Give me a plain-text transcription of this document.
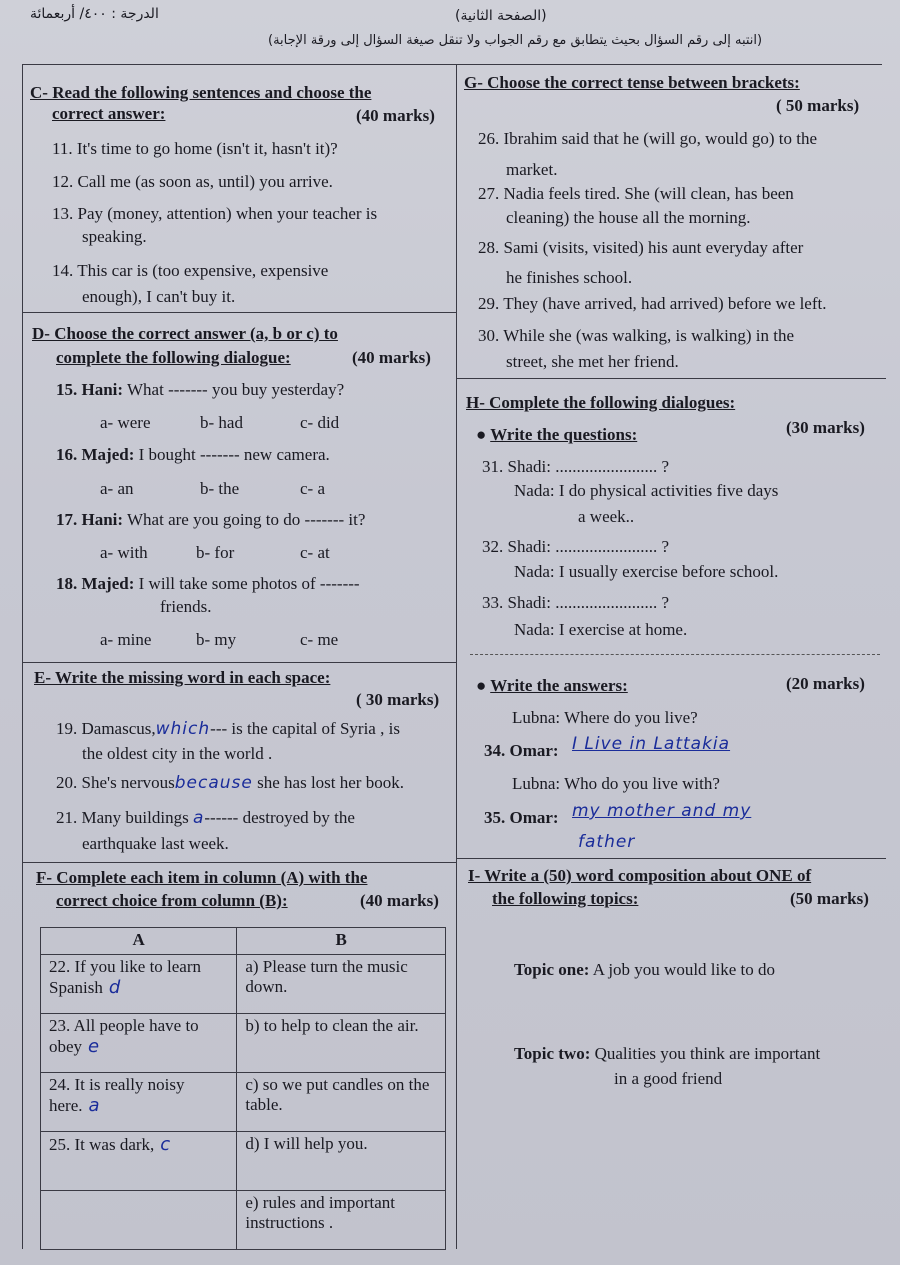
الدرجة : ٤٠٠/ أربعمائة	(الصفحة الثانية)
(انتبه إلى رقم السؤال بحيث يتطابق مع رقم الجواب ولا تنقل صيغة السؤال إلى ورقة الإجابة)
C- Read the following sentences and choose the
correct answer:	(40 marks)
11. It's time to go home (isn't it, hasn't it)?
12. Call me (as soon as, until) you arrive.
13. Pay (money, attention) when your teacher is
speaking.
14. This car is (too expensive, expensive
enough), I can't buy it.
D- Choose the correct answer (a, b or c) to
complete the following dialogue:	(40 marks)
15. Hani: What ------- you buy yesterday?
a- were	b- had	c- did
16. Majed: I bought ------- new camera.
a- an	b- the	c- a
17. Hani: What are you going to do ------- it?
a- with	b- for	c- at
18. Majed: I will take some photos of -------
friends.
a- mine	b- my	c- me
E- Write the missing word in each space:
( 30 marks)
19. Damascus,which--- is the capital of Syria , is
the oldest city in the world .
20. She's nervousbecause she has lost her book.
21. Many buildings a------ destroyed by the
earthquake last week.
F- Complete each item in column (A) with the
correct choice from column (B):	(40 marks)
A	B
22. If you like to learn Spanish d	a) Please turn the music down.
23. All people have to obey e	b) to help to clean the air.
24. It is really noisy here. a	c) so we put candles on the table.
25. It was dark, c	d) I will help you.
	e) rules and important instructions .
G- Choose the correct tense between brackets:
( 50 marks)
26. Ibrahim said that he (will go, would go) to the
market.
27. Nadia feels tired. She (will clean, has been
cleaning) the house all the morning.
28. Sami (visits, visited) his aunt everyday after
he finishes school.
29. They (have arrived, had arrived) before we left.
30. While she (was walking, is walking) in the
street, she met her friend.
H- Complete the following dialogues:
● Write the questions:	(30 marks)
31. Shadi: ........................ ?
Nada: I do physical activities five days
a week..
32. Shadi: ........................ ?
Nada: I usually exercise before school.
33. Shadi: ........................ ?
Nada: I exercise at home.
● Write the answers:	(20 marks)
Lubna: Where do you live?
34. Omar: I Live in Lattakia
Lubna: Who do you live with?
35. Omar: my mother and my
father
I- Write a (50) word composition about ONE of
the following topics:	(50 marks)
Topic one: A job you would like to do
Topic two: Qualities you think are important
in a good friend
